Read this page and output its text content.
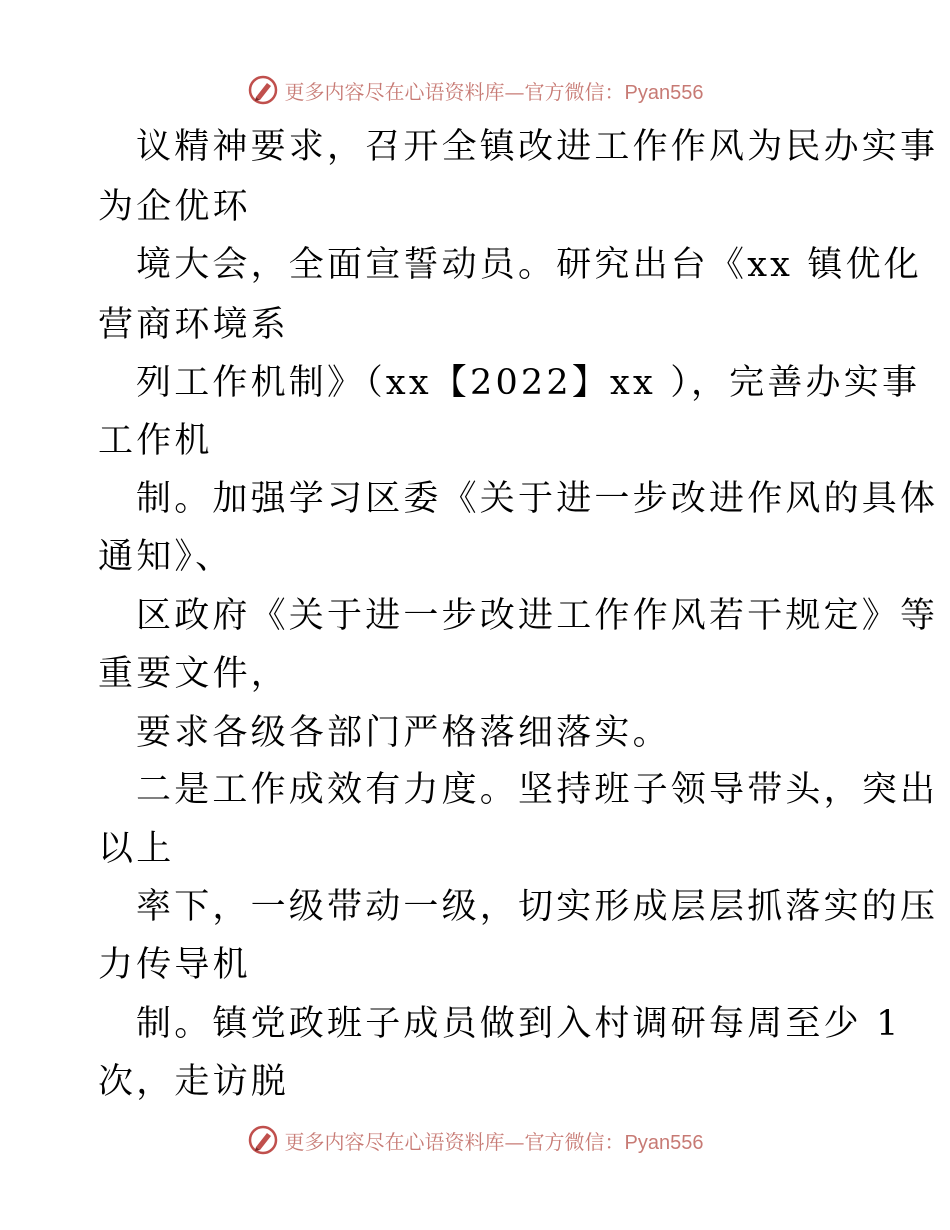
更多内容尽在心语资料库—官方微信：Pyan556
议精神要求，召开全镇改进工作作风为民办实事
为企优环
境大会，全面宣誓动员。研究出台《xx 镇优化
营商环境系
列工作机制》（xx【2022】xx ），完善办实事
工作机
制。加强学习区委《关于进一步改进作风的具体
通知》、
区政府《关于进一步改进工作作风若干规定》等
重要文件，
要求各级各部门严格落细落实。
二是工作成效有力度。坚持班子领导带头，突出
以上
率下，一级带动一级，切实形成层层抓落实的压
力传导机
制。镇党政班子成员做到入村调研每周至少 1
次，走访脱
更多内容尽在心语资料库—官方微信：Pyan556
